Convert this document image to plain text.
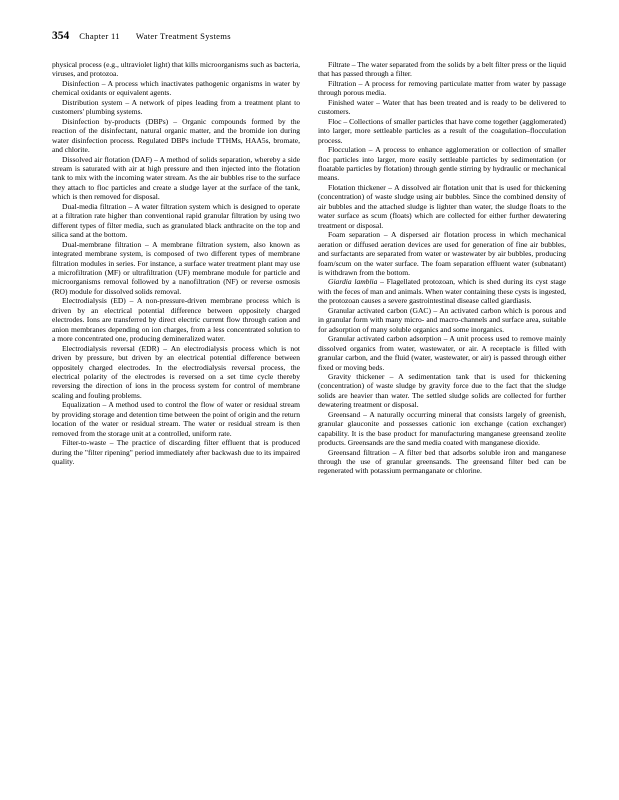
354 Chapter 11 Water Treatment Systems

physical process (e.g., ultraviolet light) that kills microorganisms such as bacteria, viruses, and protozoa.

Disinfection – A process which inactivates pathogenic organisms in water by chemical oxidants or equivalent agents.

Distribution system – A network of pipes leading from a treatment plant to customers' plumbing systems.

Disinfection by-products (DBPs) – Organic compounds formed by the reaction of the disinfectant, natural organic matter, and the bromide ion during water disinfection process. Regulated DBPs include TTHMs, HAA5s, bromate, and chlorite.

Dissolved air flotation (DAF) – A method of solids separation, whereby a side stream is saturated with air at high pressure and then injected into the flotation tank to mix with the incoming water stream. As the air bubbles rise to the surface they attach to floc particles and create a sludge layer at the surface of the tank, which is then removed for disposal.

Dual-media filtration – A water filtration system which is designed to operate at a filtration rate higher than conventional rapid granular filtration by using two different types of filter media, such as granulated black anthracite on the top and silica sand at the bottom.

Dual-membrane filtration – A membrane filtration system, also known as integrated membrane system, is composed of two different types of membrane filtration modules in series. For instance, a surface water treatment plant may use a microfiltration (MF) or ultrafiltration (UF) membrane module for particle and microorganisms removal followed by a nanofiltration (NF) or reverse osmosis (RO) module for dissolved solids removal.

Electrodialysis (ED) – A non-pressure-driven membrane process which is driven by an electrical potential difference between oppositely charged electrodes. Ions are transferred by direct electric current flow through cation and anion membranes depending on ion charges, from a less concentrated solution to a more concentrated one, producing demineralized water.

Electrodialysis reversal (EDR) – An electrodialysis process which is not driven by pressure, but driven by an electrical potential difference between oppositely charged electrodes. In the electrodialysis reversal process, the electrical polarity of the electrodes is reversed on a set time cycle thereby reversing the direction of ions in the process system for control of membrane scaling and fouling problems.

Equalization – A method used to control the flow of water or residual stream by providing storage and detention time between the point of origin and the return location of the water or residual stream. The water or residual stream is then removed from the storage unit at a controlled, uniform rate.

Filter-to-waste – The practice of discarding filter effluent that is produced during the "filter ripening" period immediately after backwash due to its impaired quality.

Filtrate – The water separated from the solids by a belt filter press or the liquid that has passed through a filter.

Filtration – A process for removing particulate matter from water by passage through porous media.

Finished water – Water that has been treated and is ready to be delivered to customers.

Floc – Collections of smaller particles that have come together (agglomerated) into larger, more settleable particles as a result of the coagulation–flocculation process.

Flocculation – A process to enhance agglomeration or collection of smaller floc particles into larger, more easily settleable particles by sedimentation (or floatable particles by flotation) through gentle stirring by hydraulic or mechanical means.

Flotation thickener – A dissolved air flotation unit that is used for thickening (concentration) of waste sludge using air bubbles. Since the combined density of air bubbles and the attached sludge is lighter than water, the sludge floats to the water surface as scum (floats) which are collected for either further dewatering treatment or disposal.

Foam separation – A dispersed air flotation process in which mechanical aeration or diffused aeration devices are used for generation of fine air bubbles, and surfactants are separated from water or wastewater by air bubbles, producing foam/scum on the water surface. The foam separation effluent water (subnatant) is withdrawn from the bottom.

Giardia lamblia – Flagellated protozoan, which is shed during its cyst stage with the feces of man and animals. When water containing these cysts is ingested, the protozoan causes a severe gastrointestinal disease called giardiasis.

Granular activated carbon (GAC) – An activated carbon which is porous and in granular form with many micro- and macro-channels and surface area, suitable for adsorption of many soluble organics and some inorganics.

Granular activated carbon adsorption – A unit process used to remove mainly dissolved organics from water, wastewater, or air. A receptacle is filled with granular carbon, and the fluid (water, wastewater, or air) is passed through either fixed or moving beds.

Gravity thickener – A sedimentation tank that is used for thickening (concentration) of waste sludge by gravity force due to the fact that the sludge solids are heavier than water. The settled sludge solids are collected for further dewatering treatment or disposal.

Greensand – A naturally occurring mineral that consists largely of greenish, granular glauconite and possesses cationic ion exchange (cation exchanger) capability. It is the base product for manufacturing manganese greensand zeolite products. Greensands are the sand media coated with manganese dioxide.

Greensand filtration – A filter bed that adsorbs soluble iron and manganese through the use of granular greensands. The greensand filter bed can be regenerated with potassium permanganate or chlorine.
